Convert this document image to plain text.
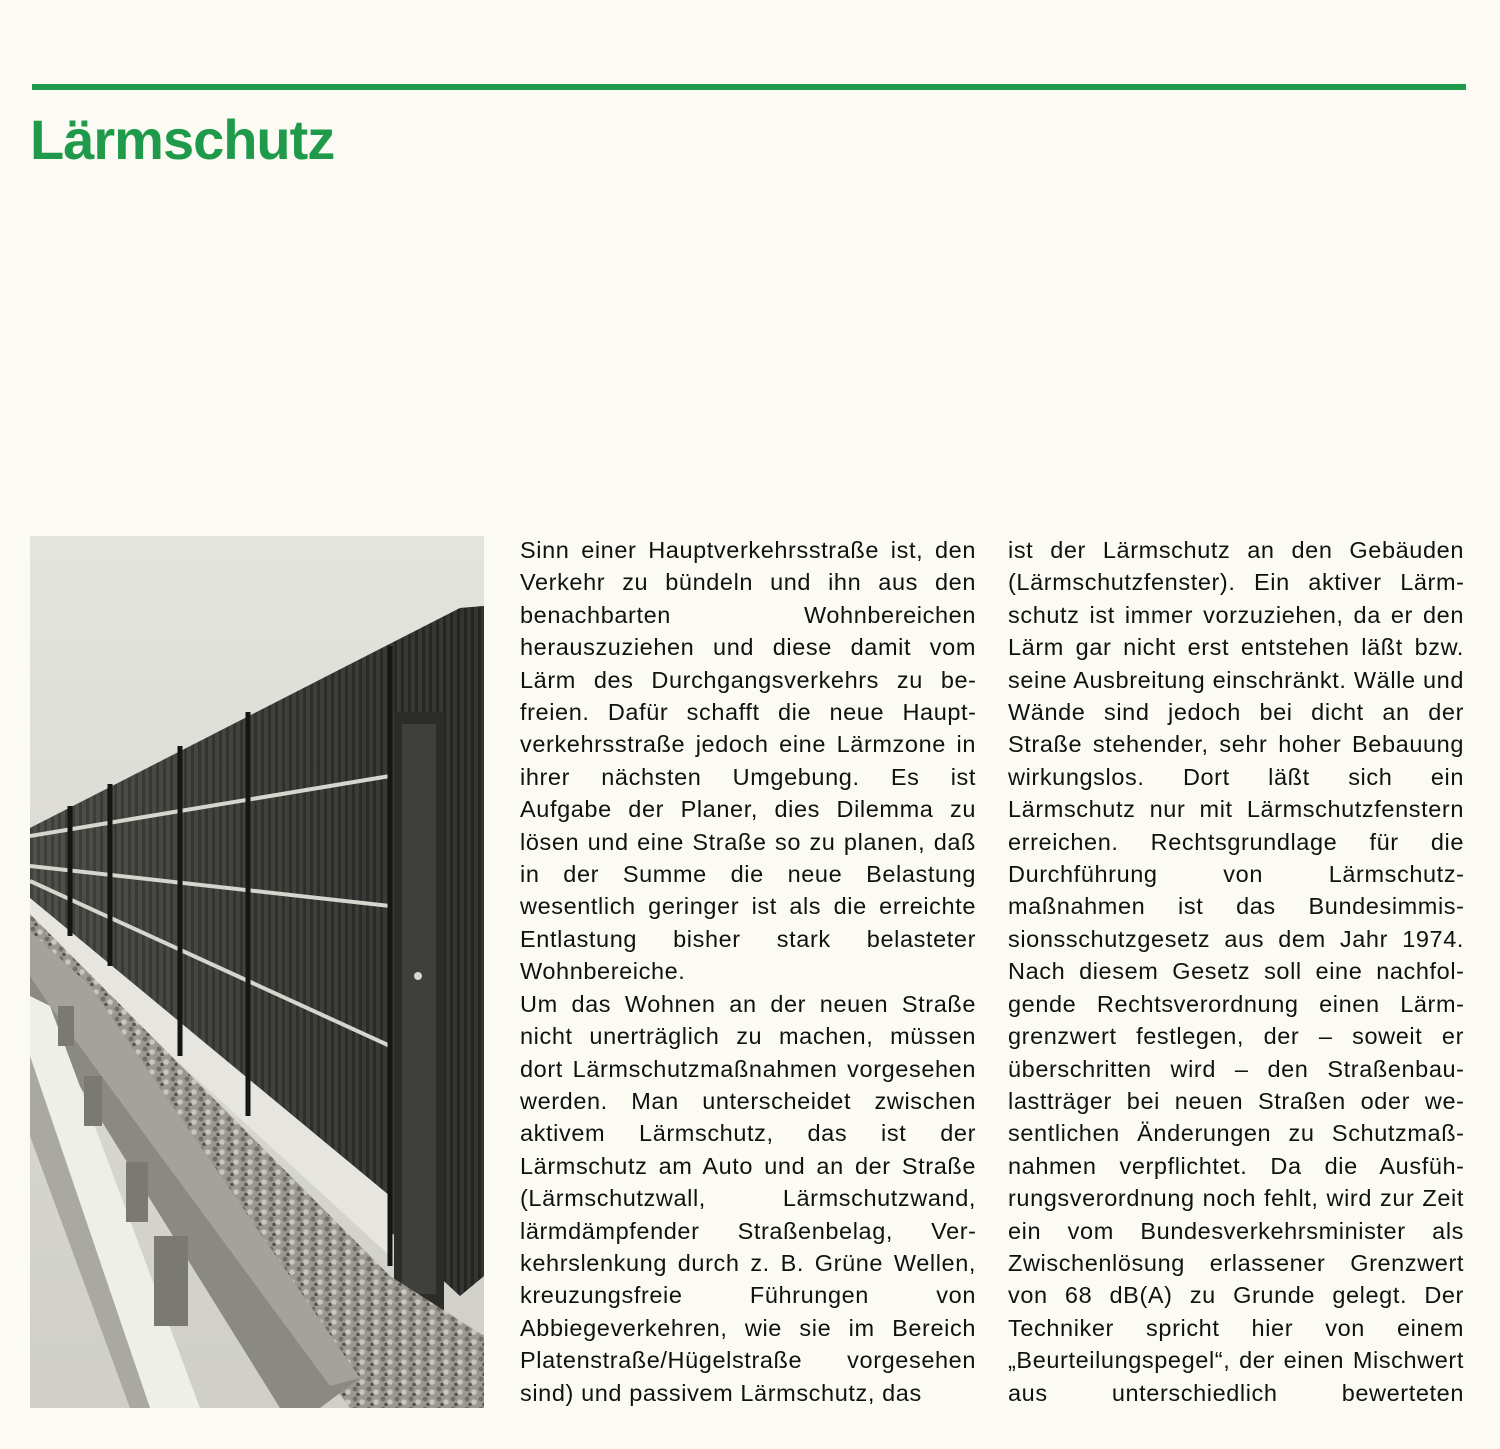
Lärmschutz

Sinn einer Hauptverkehrsstraße ist, den Verkehr zu bündeln und ihn aus den benachbarten Wohnbereichen herauszuziehen und diese damit vom Lärm des Durchgangsverkehrs zu befreien. Dafür schafft die neue Hauptverkehrsstraße jedoch eine Lärmzone in ihrer nächsten Umgebung. Es ist Aufgabe der Planer, dies Dilemma zu lösen und eine Straße so zu planen, daß in der Summe die neue Belastung wesentlich geringer ist als die erreichte Entlastung bisher stark belasteter Wohnbereiche.

Um das Wohnen an der neuen Straße nicht unerträglich zu machen, müssen dort Lärmschutzmaßnahmen vorgesehen werden. Man unterscheidet zwischen aktivem Lärmschutz, das ist der Lärmschutz am Auto und an der Straße (Lärmschutzwall, Lärmschutzwand, lärmdämpfender Straßenbelag, Verkehrslenkung durch z. B. Grüne Wellen, kreuzungsfreie Führungen von Abbiegeverkehren, wie sie im Bereich Platenstraße/Hügelstraße vorgesehen sind) und passivem Lärmschutz, das

ist der Lärmschutz an den Gebäuden (Lärmschutzfenster). Ein aktiver Lärmschutz ist immer vorzuziehen, da er den Lärm gar nicht erst entstehen läßt bzw. seine Ausbreitung einschränkt. Wälle und Wände sind jedoch bei dicht an der Straße stehender, sehr hoher Bebauung wirkungslos. Dort läßt sich ein Lärmschutz nur mit Lärmschutzfenstern erreichen. Rechtsgrundlage für die Durchführung von Lärmschutzmaßnahmen ist das Bundesimmissionsschutzgesetz aus dem Jahr 1974. Nach diesem Gesetz soll eine nachfolgende Rechtsverordnung einen Lärmgrenzwert festlegen, der – soweit er überschritten wird – den Straßenbaulastträger bei neuen Straßen oder wesentlichen Änderungen zu Schutzmaßnahmen verpflichtet. Da die Ausführungsverordnung noch fehlt, wird zur Zeit ein vom Bundesverkehrsminister als Zwischenlösung erlassener Grenzwert von 68 dB(A) zu Grunde gelegt. Der Techniker spricht hier von einem „Beurteilungspegel“, der einen Mischwert aus unterschiedlich bewerteten
